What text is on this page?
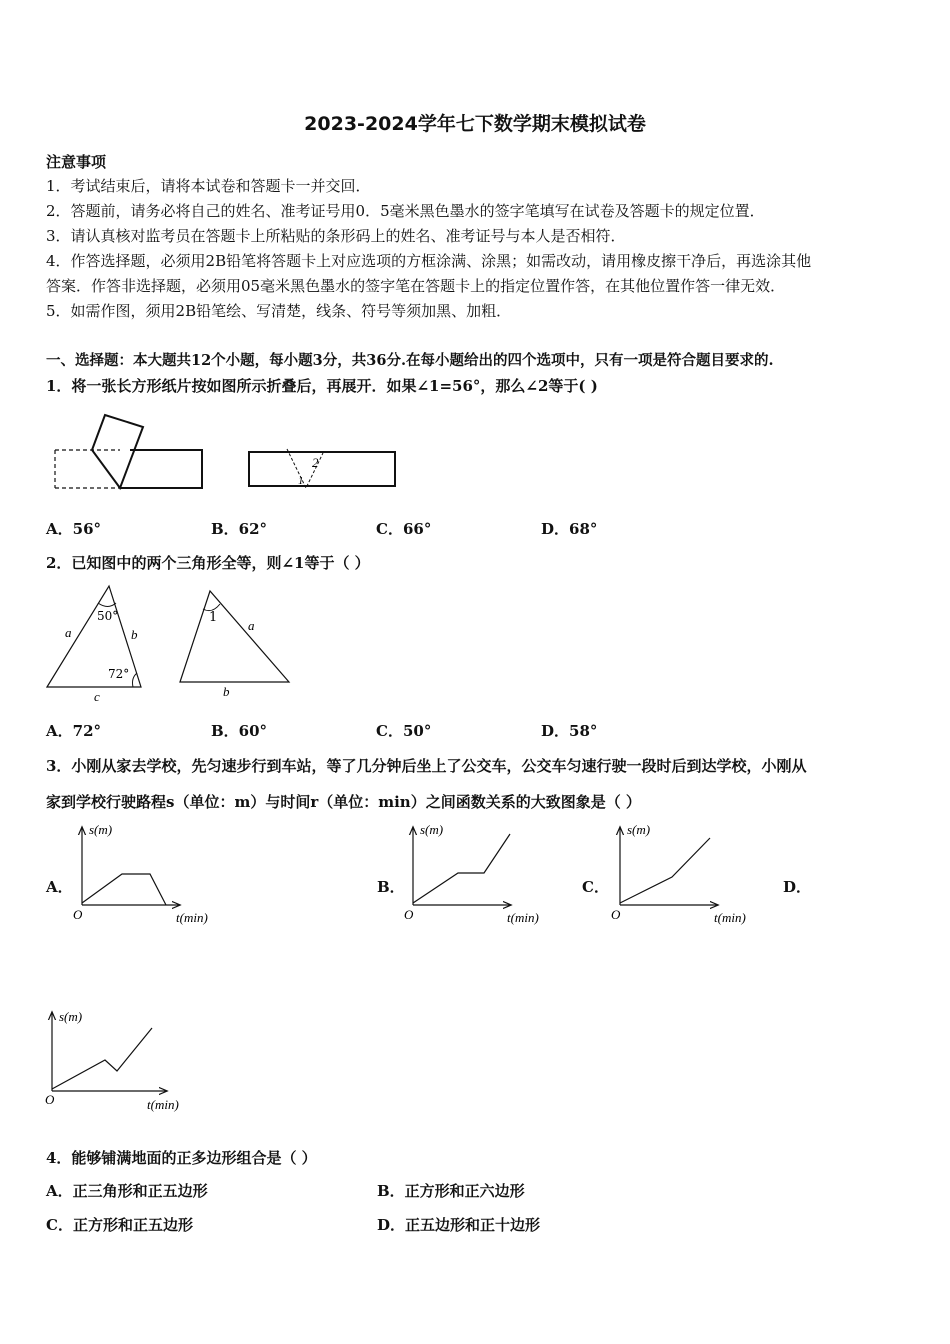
2023-2024学年七下数学期末模拟试卷
注意事项
1．考试结束后，请将本试卷和答题卡一并交回．
2．答题前，请务必将自己的姓名、准考证号用0．5毫米黑色墨水的签字笔填写在试卷及答题卡的规定位置．
3．请认真核对监考员在答题卡上所粘贴的条形码上的姓名、准考证号与本人是否相符．
4．作答选择题，必须用2B铅笔将答题卡上对应选项的方框涂满、涂黑；如需改动，请用橡皮擦干净后，再选涂其他
答案．作答非选择题，必须用05毫米黑色墨水的签字笔在答题卡上的指定位置作答，在其他位置作答一律无效．
5．如需作图，须用2B铅笔绘、写清楚，线条、符号等须加黑、加粗．
一、选择题：本大题共12个小题，每小题3分，共36分.在每小题给出的四个选项中，只有一项是符合题目要求的.
1．将一张长方形纸片按如图所示折叠后，再展开．如果∠1=56°，那么∠2等于( )
2
1
A．56°	B．62°	C．66°	D．68°
2．已知图中的两个三角形全等，则∠1等于（ ）
50°
72°
a	b
c
1
a
b
A．72°	B．60°	C．50°	D．58°
3．小刚从家去学校，先匀速步行到车站，等了几分钟后坐上了公交车，公交车匀速行驶一段时后到达学校，小刚从
家到学校行驶路程s（单位：m）与时间r（单位：min）之间函数关系的大致图象是（ ）
A．	B．	C．	D．
s(m)
t(min)
O
s(m)
t(min)
O
s(m)
t(min)
O
s(m)
t(min)
O
4．能够铺满地面的正多边形组合是（ ）
A．正三角形和正五边形	B．正方形和正六边形
C．正方形和正五边形	D．正五边形和正十边形
